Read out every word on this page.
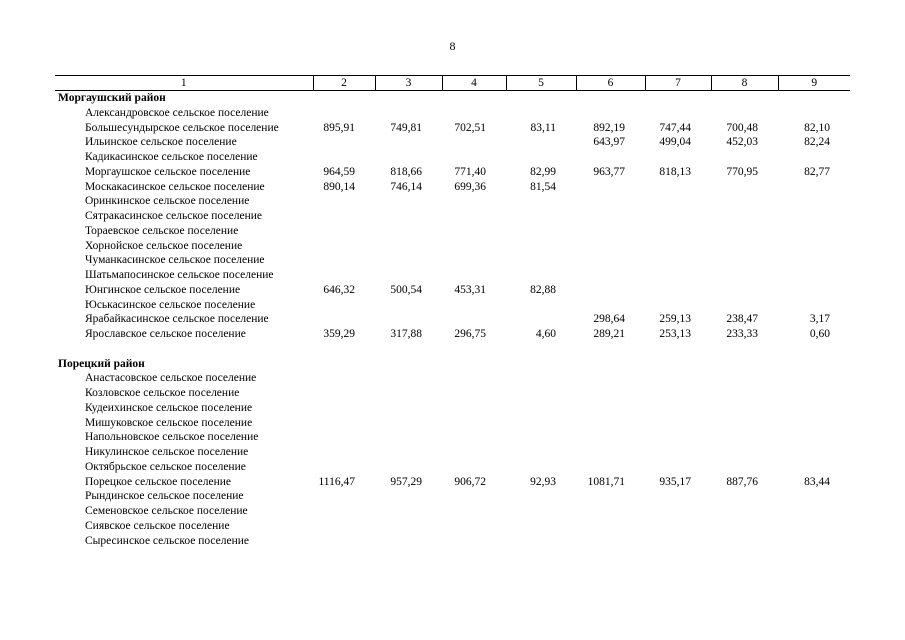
8
1	2	3	4	5	6	7	8	9
Моргаушский район								
Александровское сельское поселение								
Большесундырское сельское поселение	895,91	749,81	702,51	83,11	892,19	747,44	700,48	82,10
Ильинское сельское поселение					643,97	499,04	452,03	82,24
Кадикасинское сельское поселение								
Моргаушское сельское поселение	964,59	818,66	771,40	82,99	963,77	818,13	770,95	82,77
Москакасинское сельское поселение	890,14	746,14	699,36	81,54				
Оринкинское сельское поселение								
Сятракасинское сельское поселение								
Тораевское сельское поселение								
Хорнойское сельское поселение								
Чуманкасинское сельское поселение								
Шатьмапосинское сельское поселение								
Юнгинское сельское поселение	646,32	500,54	453,31	82,88				
Юськасинское сельское поселение								
Ярабайкасинское сельское поселение					298,64	259,13	238,47	3,17
Ярославское сельское поселение	359,29	317,88	296,75	4,60	289,21	253,13	233,33	0,60

Порецкий район								
Анастасовское сельское поселение								
Козловское сельское поселение								
Кудеихинское сельское поселение								
Мишуковское сельское поселение								
Напольновское сельское поселение								
Никулинское сельское поселение								
Октябрьское сельское поселение								
Порецкое сельское поселение	1116,47	957,29	906,72	92,93	1081,71	935,17	887,76	83,44
Рындинское сельское поселение								
Семеновское сельское поселение								
Сиявское сельское поселение								
Сыресинское сельское поселение								
